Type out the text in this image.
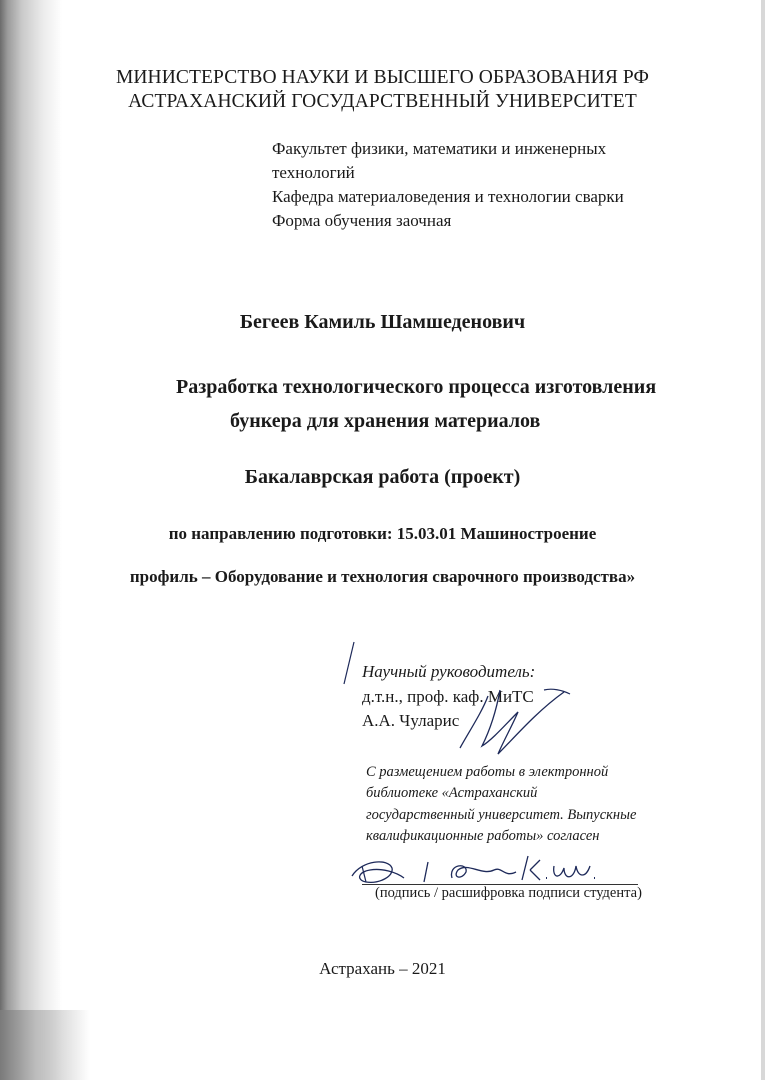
МИНИСТЕРСТВО НАУКИ И ВЫСШЕГО ОБРАЗОВАНИЯ РФ
АСТРАХАНСКИЙ ГОСУДАРСТВЕННЫЙ УНИВЕРСИТЕТ
Факультет физики, математики и инженерных
технологий
Кафедра материаловедения и технологии сварки
Форма обучения заочная
Бегеев Камиль Шамшеденович
Разработка технологического процесса изготовления
бункера для хранения материалов
Бакалаврская работа (проект)
по направлению подготовки: 15.03.01 Машиностроение
профиль – Оборудование и технология сварочного производства»
Научный руководитель:
д.т.н., проф. каф. МиТС
А.А. Чуларис
С размещением работы в электронной
библиотеке «Астраханский
государственный университет. Выпускные
квалификационные работы» согласен
(подпись / расшифровка подписи студента)
Астрахань – 2021
